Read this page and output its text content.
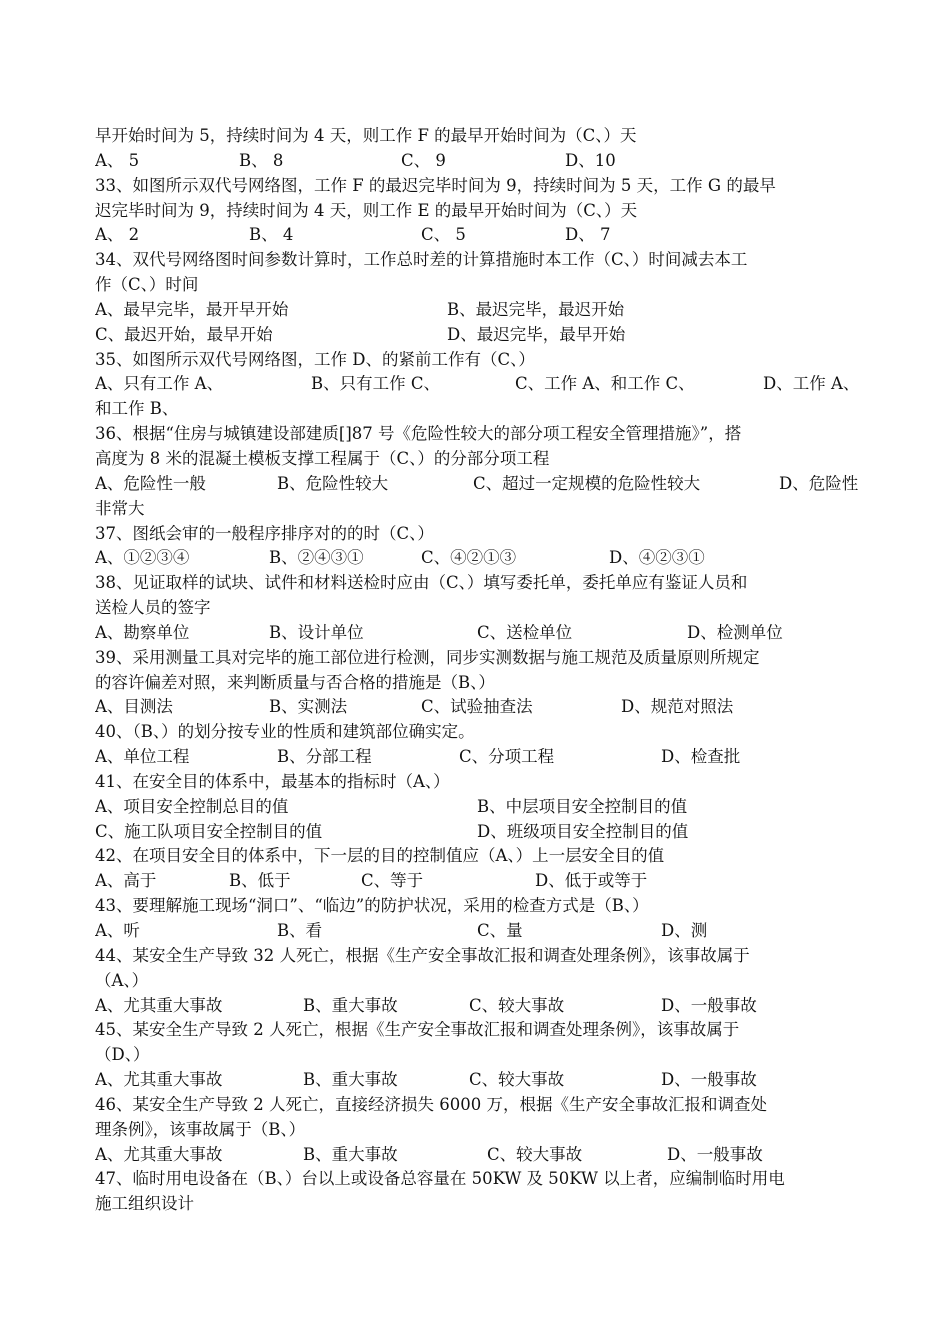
早开始时间为 5，持续时间为 4 天，则工作 F 的最早开始时间为（C、）天
A、 5	B、 8	C、 9	D、10
33、如图所示双代号网络图，工作 F 的最迟完毕时间为 9，持续时间为 5 天，工作 G 的最早
迟完毕时间为 9，持续时间为 4 天，则工作 E 的最早开始时间为（C、）天
A、 2	B、 4	C、 5	D、 7
34、双代号网络图时间参数计算时，工作总时差的计算措施时本工作（C、）时间减去本工
作（C、）时间
A、最早完毕，最开早开始	B、最迟完毕，最迟开始
C、最迟开始，最早开始	D、最迟完毕，最早开始
35、如图所示双代号网络图，工作 D、的紧前工作有（C、）
A、只有工作 A、	B、只有工作 C、	C、工作 A、和工作 C、	D、工作 A、
和工作 B、
36、根据“住房与城镇建设部建质[]87 号《危险性较大的部分项工程安全管理措施》”，搭
高度为 8 米的混凝土模板支撑工程属于（C、）的分部分项工程
A、危险性一般	B、危险性较大	C、超过一定规模的危险性较大	D、危险性
非常大
37、图纸会审的一般程序排序对的的时（C、）
A、①②③④	B、②④③①	C、④②①③	D、④②③①
38、见证取样的试块、试件和材料送检时应由（C、）填写委托单，委托单应有鉴证人员和
送检人员的签字
A、勘察单位	B、设计单位	C、送检单位	D、检测单位
39、采用测量工具对完毕的施工部位进行检测，同步实测数据与施工规范及质量原则所规定
的容许偏差对照，来判断质量与否合格的措施是（B、）
A、目测法	B、实测法	C、试验抽查法	D、规范对照法
40、（B、）的划分按专业的性质和建筑部位确实定。
A、单位工程	B、分部工程	C、分项工程	D、检查批
41、在安全目的体系中，最基本的指标时（A、）
A、项目安全控制总目的值	B、中层项目安全控制目的值
C、施工队项目安全控制目的值	D、班级项目安全控制目的值
42、在项目安全目的体系中，下一层的目的控制值应（A、）上一层安全目的值
A、高于	B、低于	C、等于	D、低于或等于
43、要理解施工现场“洞口”、“临边”的防护状况，采用的检查方式是（B、）
A、听	B、看	C、量	D、测
44、某安全生产导致 32 人死亡，根据《生产安全事故汇报和调查处理条例》，该事故属于
（A、）
A、尤其重大事故	B、重大事故	C、较大事故	D、一般事故
45、某安全生产导致 2 人死亡，根据《生产安全事故汇报和调查处理条例》，该事故属于
（D、）
A、尤其重大事故	B、重大事故	C、较大事故	D、一般事故
46、某安全生产导致 2 人死亡，直接经济损失 6000 万，根据《生产安全事故汇报和调查处
理条例》，该事故属于（B、）
A、尤其重大事故	B、重大事故	C、较大事故	D、一般事故
47、临时用电设备在（B、）台以上或设备总容量在 50KW 及 50KW 以上者，应编制临时用电
施工组织设计
